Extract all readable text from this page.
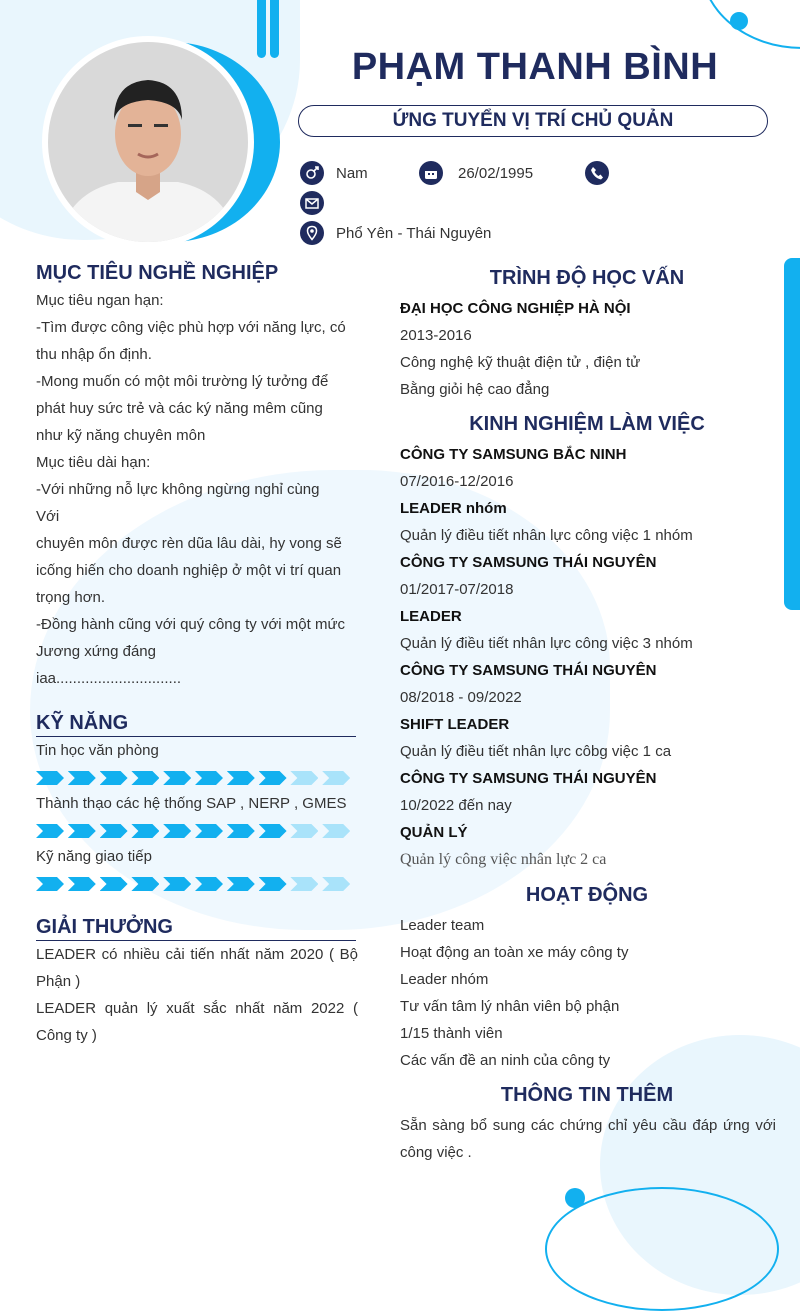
PHẠM THANH BÌNH
ỨNG TUYỂN VỊ TRÍ CHỦ QUẢN
Nam	26/02/1995
Phổ Yên - Thái Nguyên
MỤC TIÊU NGHỀ NGHIỆP
Mục tiêu ngan hạn:
-Tìm được công việc phù hợp với năng lực, có
thu nhập ổn định.
-Mong muốn có một môi trường lý tưởng để
phát huy sức trẻ và các ký năng mêm cũng
như kỹ năng chuyên môn
Mục tiêu dài hạn:
-Với những nỗ lực không ngừng nghỉ cùng
Với
chuyên môn được rèn dũa lâu dài, hy vong sẽ
icống hiến cho doanh nghiệp ở một vi trí quan
trọng hơn.
-Đồng hành cũng với quý công ty với một mức
Jương xứng đáng
iaa..............................
KỸ NĂNG
Tin học văn phòng
Thành thạo các hệ thống SAP , NERP , GMES
Kỹ năng giao tiếp
GIẢI THƯỞNG
LEADER có nhiều cải tiến nhất năm 2020 ( Bộ Phận )
LEADER quản lý xuất sắc nhất năm 2022 ( Công ty )
TRÌNH ĐỘ HỌC VẤN
ĐẠI HỌC CÔNG NGHIỆP HÀ NỘI
2013-2016
Công nghệ kỹ thuật điện tử , điện tử
Bằng giỏi hệ cao đẳng
KINH NGHIỆM LÀM VIỆC
CÔNG TY SAMSUNG BẮC NINH
07/2016-12/2016
LEADER nhóm
Quản lý điều tiết nhân lực công việc 1 nhóm
CÔNG TY SAMSUNG THÁI NGUYÊN
01/2017-07/2018
LEADER
Quản lý điều tiết nhân lực công việc 3 nhóm
CÔNG TY SAMSUNG THÁI NGUYÊN
08/2018 - 09/2022
SHIFT LEADER
Quản lý điều tiết nhân lực côbg việc 1 ca
CÔNG TY SAMSUNG THÁI NGUYÊN
10/2022 đến nay
QUẢN LÝ
Quản lý công việc nhân lực 2 ca
HOẠT ĐỘNG
Leader team
Hoạt động an toàn xe máy công ty
Leader nhóm
Tư vấn tâm lý nhân viên bộ phận
1/15 thành viên
Các vấn đề an ninh của công ty
THÔNG TIN THÊM
Sẵn sàng bổ sung các chứng chỉ yêu cầu đáp ứng với công việc .
